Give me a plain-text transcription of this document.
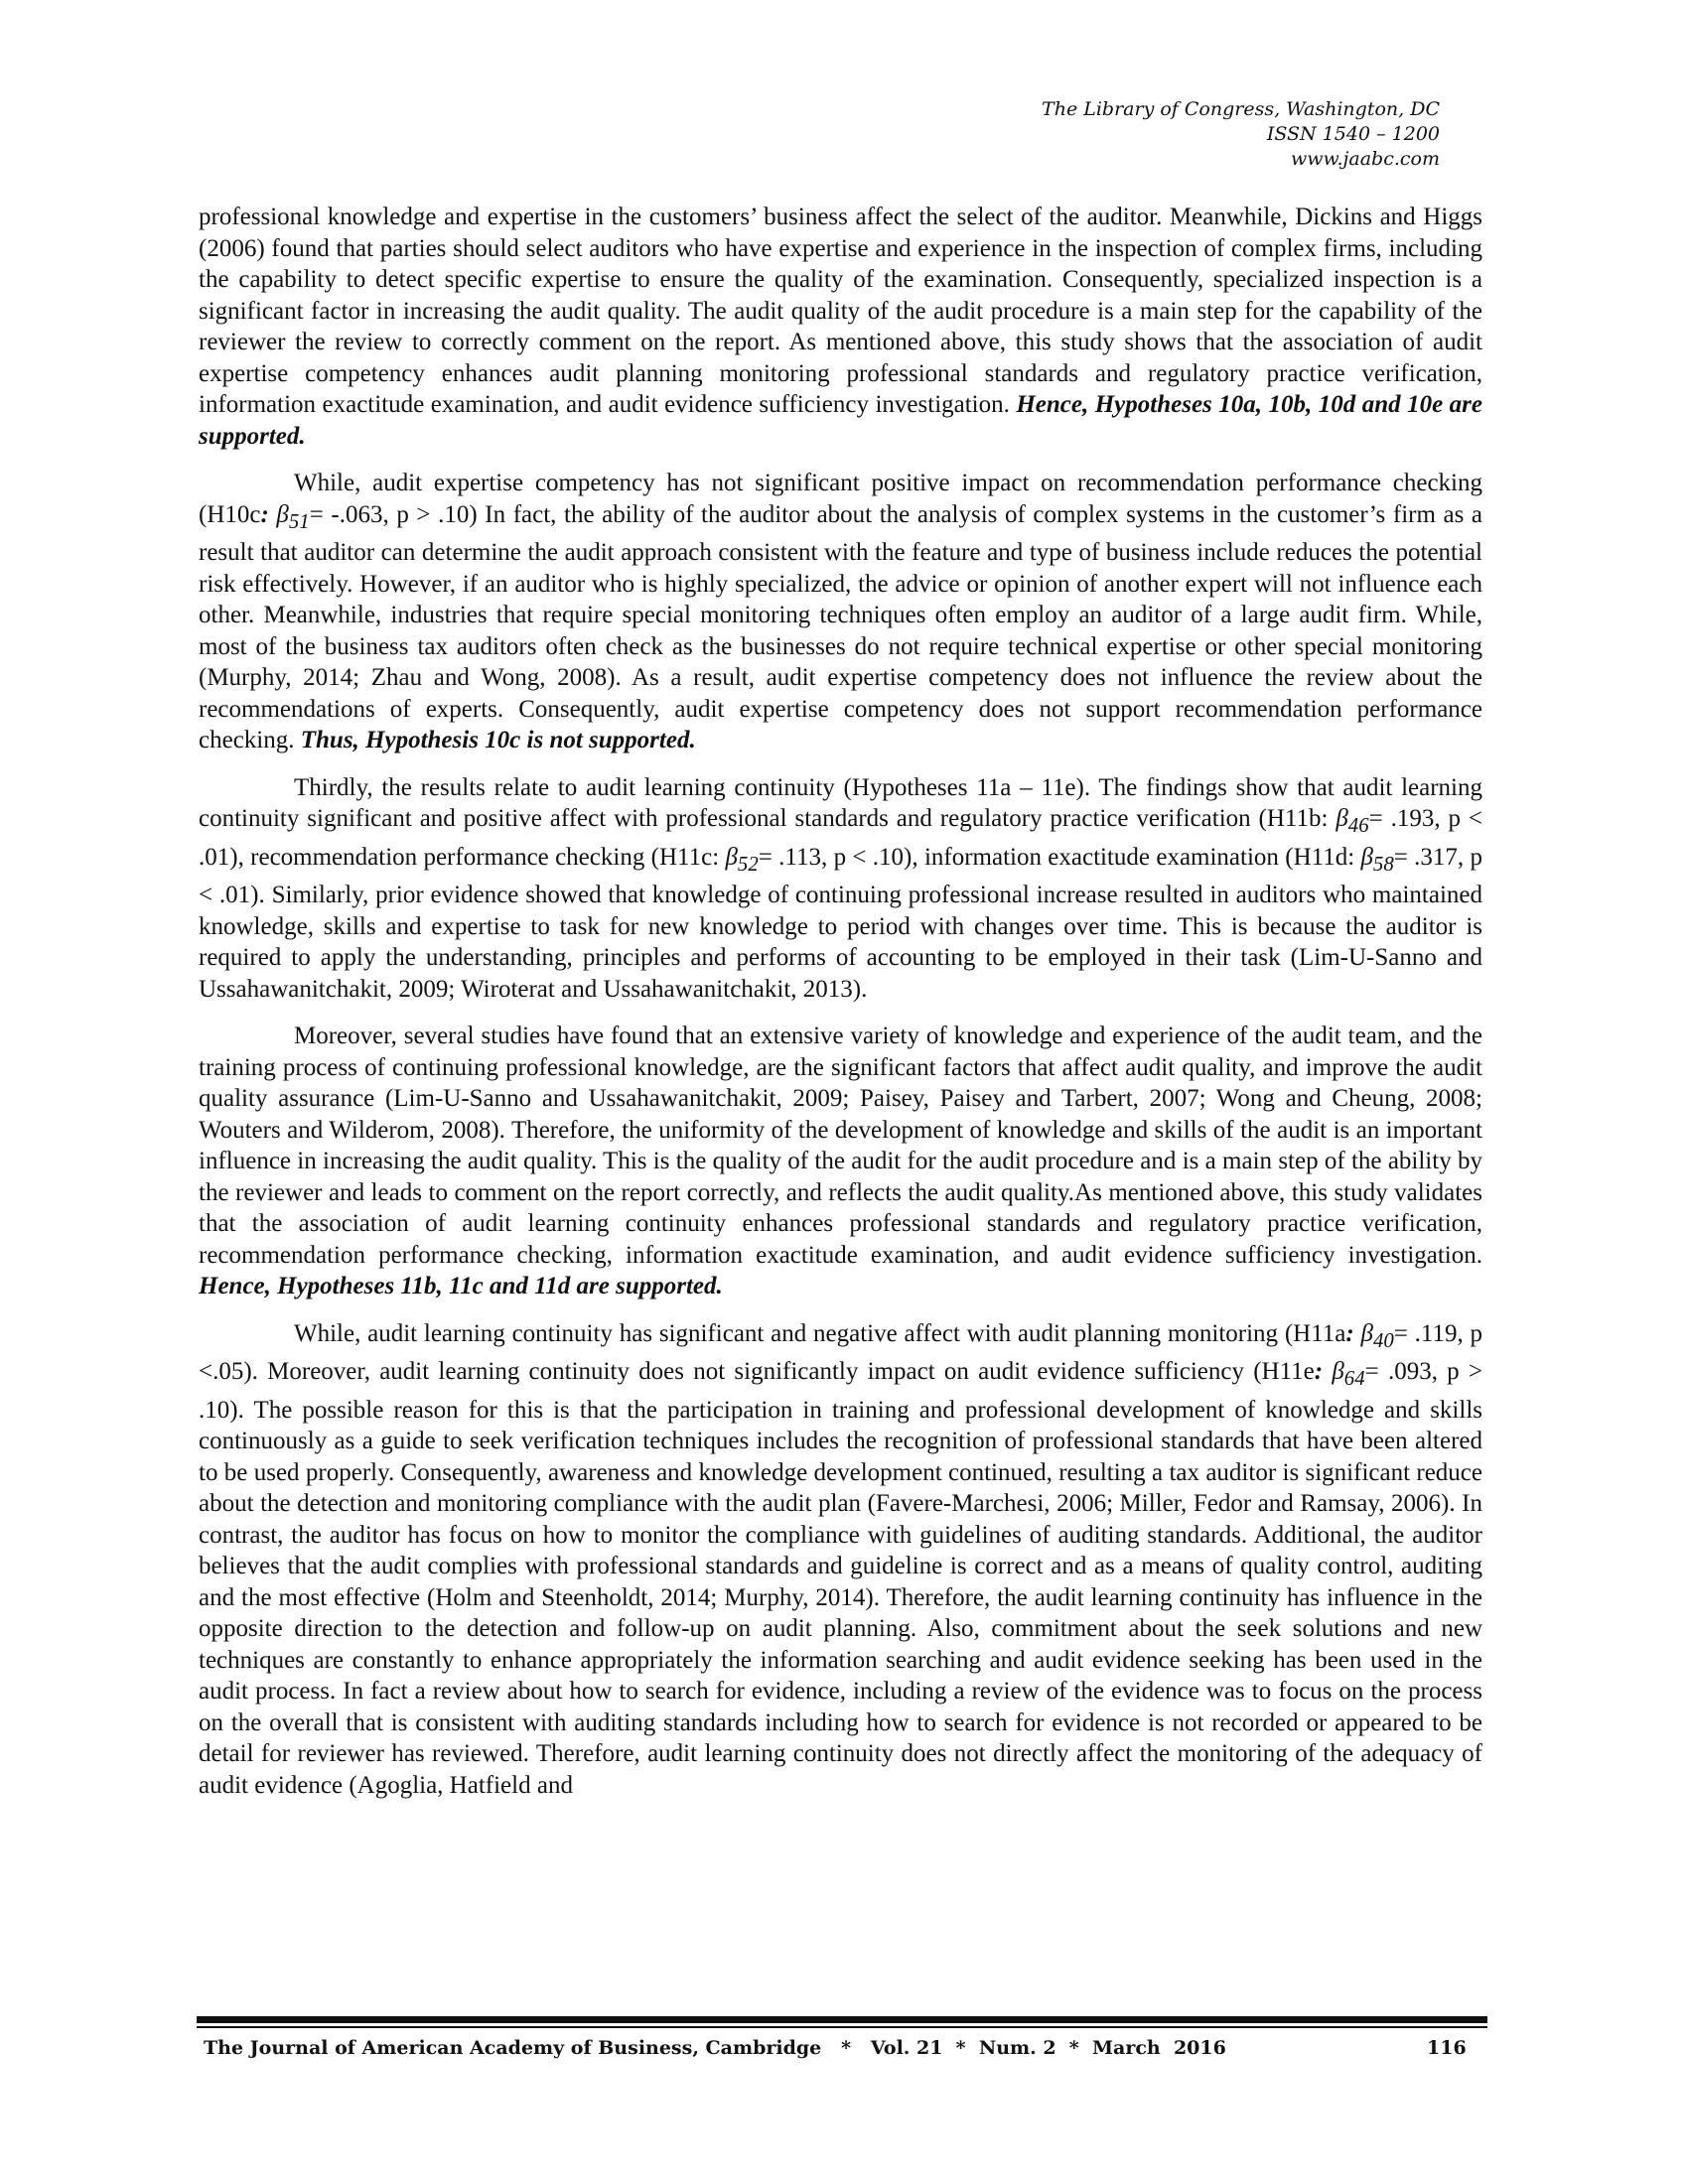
The Library of Congress, Washington, DC
ISSN 1540 – 1200
www.jaabc.com

professional knowledge and expertise in the customers’ business affect the select of the auditor. Meanwhile, Dickins and Higgs (2006) found that parties should select auditors who have expertise and experience in the inspection of complex firms, including the capability to detect specific expertise to ensure the quality of the examination. Consequently, specialized inspection is a significant factor in increasing the audit quality. The audit quality of the audit procedure is a main step for the capability of the reviewer the review to correctly comment on the report. As mentioned above, this study shows that the association of audit expertise competency enhances audit planning monitoring professional standards and regulatory practice verification, information exactitude examination, and audit evidence sufficiency investigation. Hence, Hypotheses 10a, 10b, 10d and 10e are supported.

While, audit expertise competency has not significant positive impact on recommendation performance checking (H10c: $\beta_{51}= -.063$, p > .10) In fact, the ability of the auditor about the analysis of complex systems in the customer’s firm as a result that auditor can determine the audit approach consistent with the feature and type of business include reduces the potential risk effectively. However, if an auditor who is highly specialized, the advice or opinion of another expert will not influence each other. Meanwhile, industries that require special monitoring techniques often employ an auditor of a large audit firm. While, most of the business tax auditors often check as the businesses do not require technical expertise or other special monitoring (Murphy, 2014; Zhau and Wong, 2008). As a result, audit expertise competency does not influence the review about the recommendations of experts. Consequently, audit expertise competency does not support recommendation performance checking. Thus, Hypothesis 10c is not supported.

Thirdly, the results relate to audit learning continuity (Hypotheses 11a – 11e). The findings show that audit learning continuity significant and positive affect with professional standards and regulatory practice verification (H11b: $\beta_{46}= .193$, p < .01), recommendation performance checking (H11c: $\beta_{52}= .113$, p < .10), information exactitude examination (H11d: $\beta_{58}= .317$, p < .01). Similarly, prior evidence showed that knowledge of continuing professional increase resulted in auditors who maintained knowledge, skills and expertise to task for new knowledge to period with changes over time. This is because the auditor is required to apply the understanding, principles and performs of accounting to be employed in their task (Lim-U-Sanno and Ussahawanitchakit, 2009; Wiroterat and Ussahawanitchakit, 2013).

Moreover, several studies have found that an extensive variety of knowledge and experience of the audit team, and the training process of continuing professional knowledge, are the significant factors that affect audit quality, and improve the audit quality assurance (Lim-U-Sanno and Ussahawanitchakit, 2009; Paisey, Paisey and Tarbert, 2007; Wong and Cheung, 2008; Wouters and Wilderom, 2008). Therefore, the uniformity of the development of knowledge and skills of the audit is an important influence in increasing the audit quality. This is the quality of the audit for the audit procedure and is a main step of the ability by the reviewer and leads to comment on the report correctly, and reflects the audit quality.As mentioned above, this study validates that the association of audit learning continuity enhances professional standards and regulatory practice verification, recommendation performance checking, information exactitude examination, and audit evidence sufficiency investigation. Hence, Hypotheses 11b, 11c and 11d are supported.

While, audit learning continuity has significant and negative affect with audit planning monitoring (H11a: $\beta_{40}= .119$, p <.05). Moreover, audit learning continuity does not significantly impact on audit evidence sufficiency (H11e: $\beta_{64}= .093$, p > .10). The possible reason for this is that the participation in training and professional development of knowledge and skills continuously as a guide to seek verification techniques includes the recognition of professional standards that have been altered to be used properly. Consequently, awareness and knowledge development continued, resulting a tax auditor is significant reduce about the detection and monitoring compliance with the audit plan (Favere-Marchesi, 2006; Miller, Fedor and Ramsay, 2006). In contrast, the auditor has focus on how to monitor the compliance with guidelines of auditing standards. Additional, the auditor believes that the audit complies with professional standards and guideline is correct and as a means of quality control, auditing and the most effective (Holm and Steenholdt, 2014; Murphy, 2014). Therefore, the audit learning continuity has influence in the opposite direction to the detection and follow-up on audit planning. Also, commitment about the seek solutions and new techniques are constantly to enhance appropriately the information searching and audit evidence seeking has been used in the audit process. In fact a review about how to search for evidence, including a review of the evidence was to focus on the process on the overall that is consistent with auditing standards including how to search for evidence is not recorded or appeared to be detail for reviewer has reviewed. Therefore, audit learning continuity does not directly affect the monitoring of the adequacy of audit evidence (Agoglia, Hatfield and

The Journal of American Academy of Business, Cambridge   *   Vol. 21  *  Num. 2  *  March  2016	116
